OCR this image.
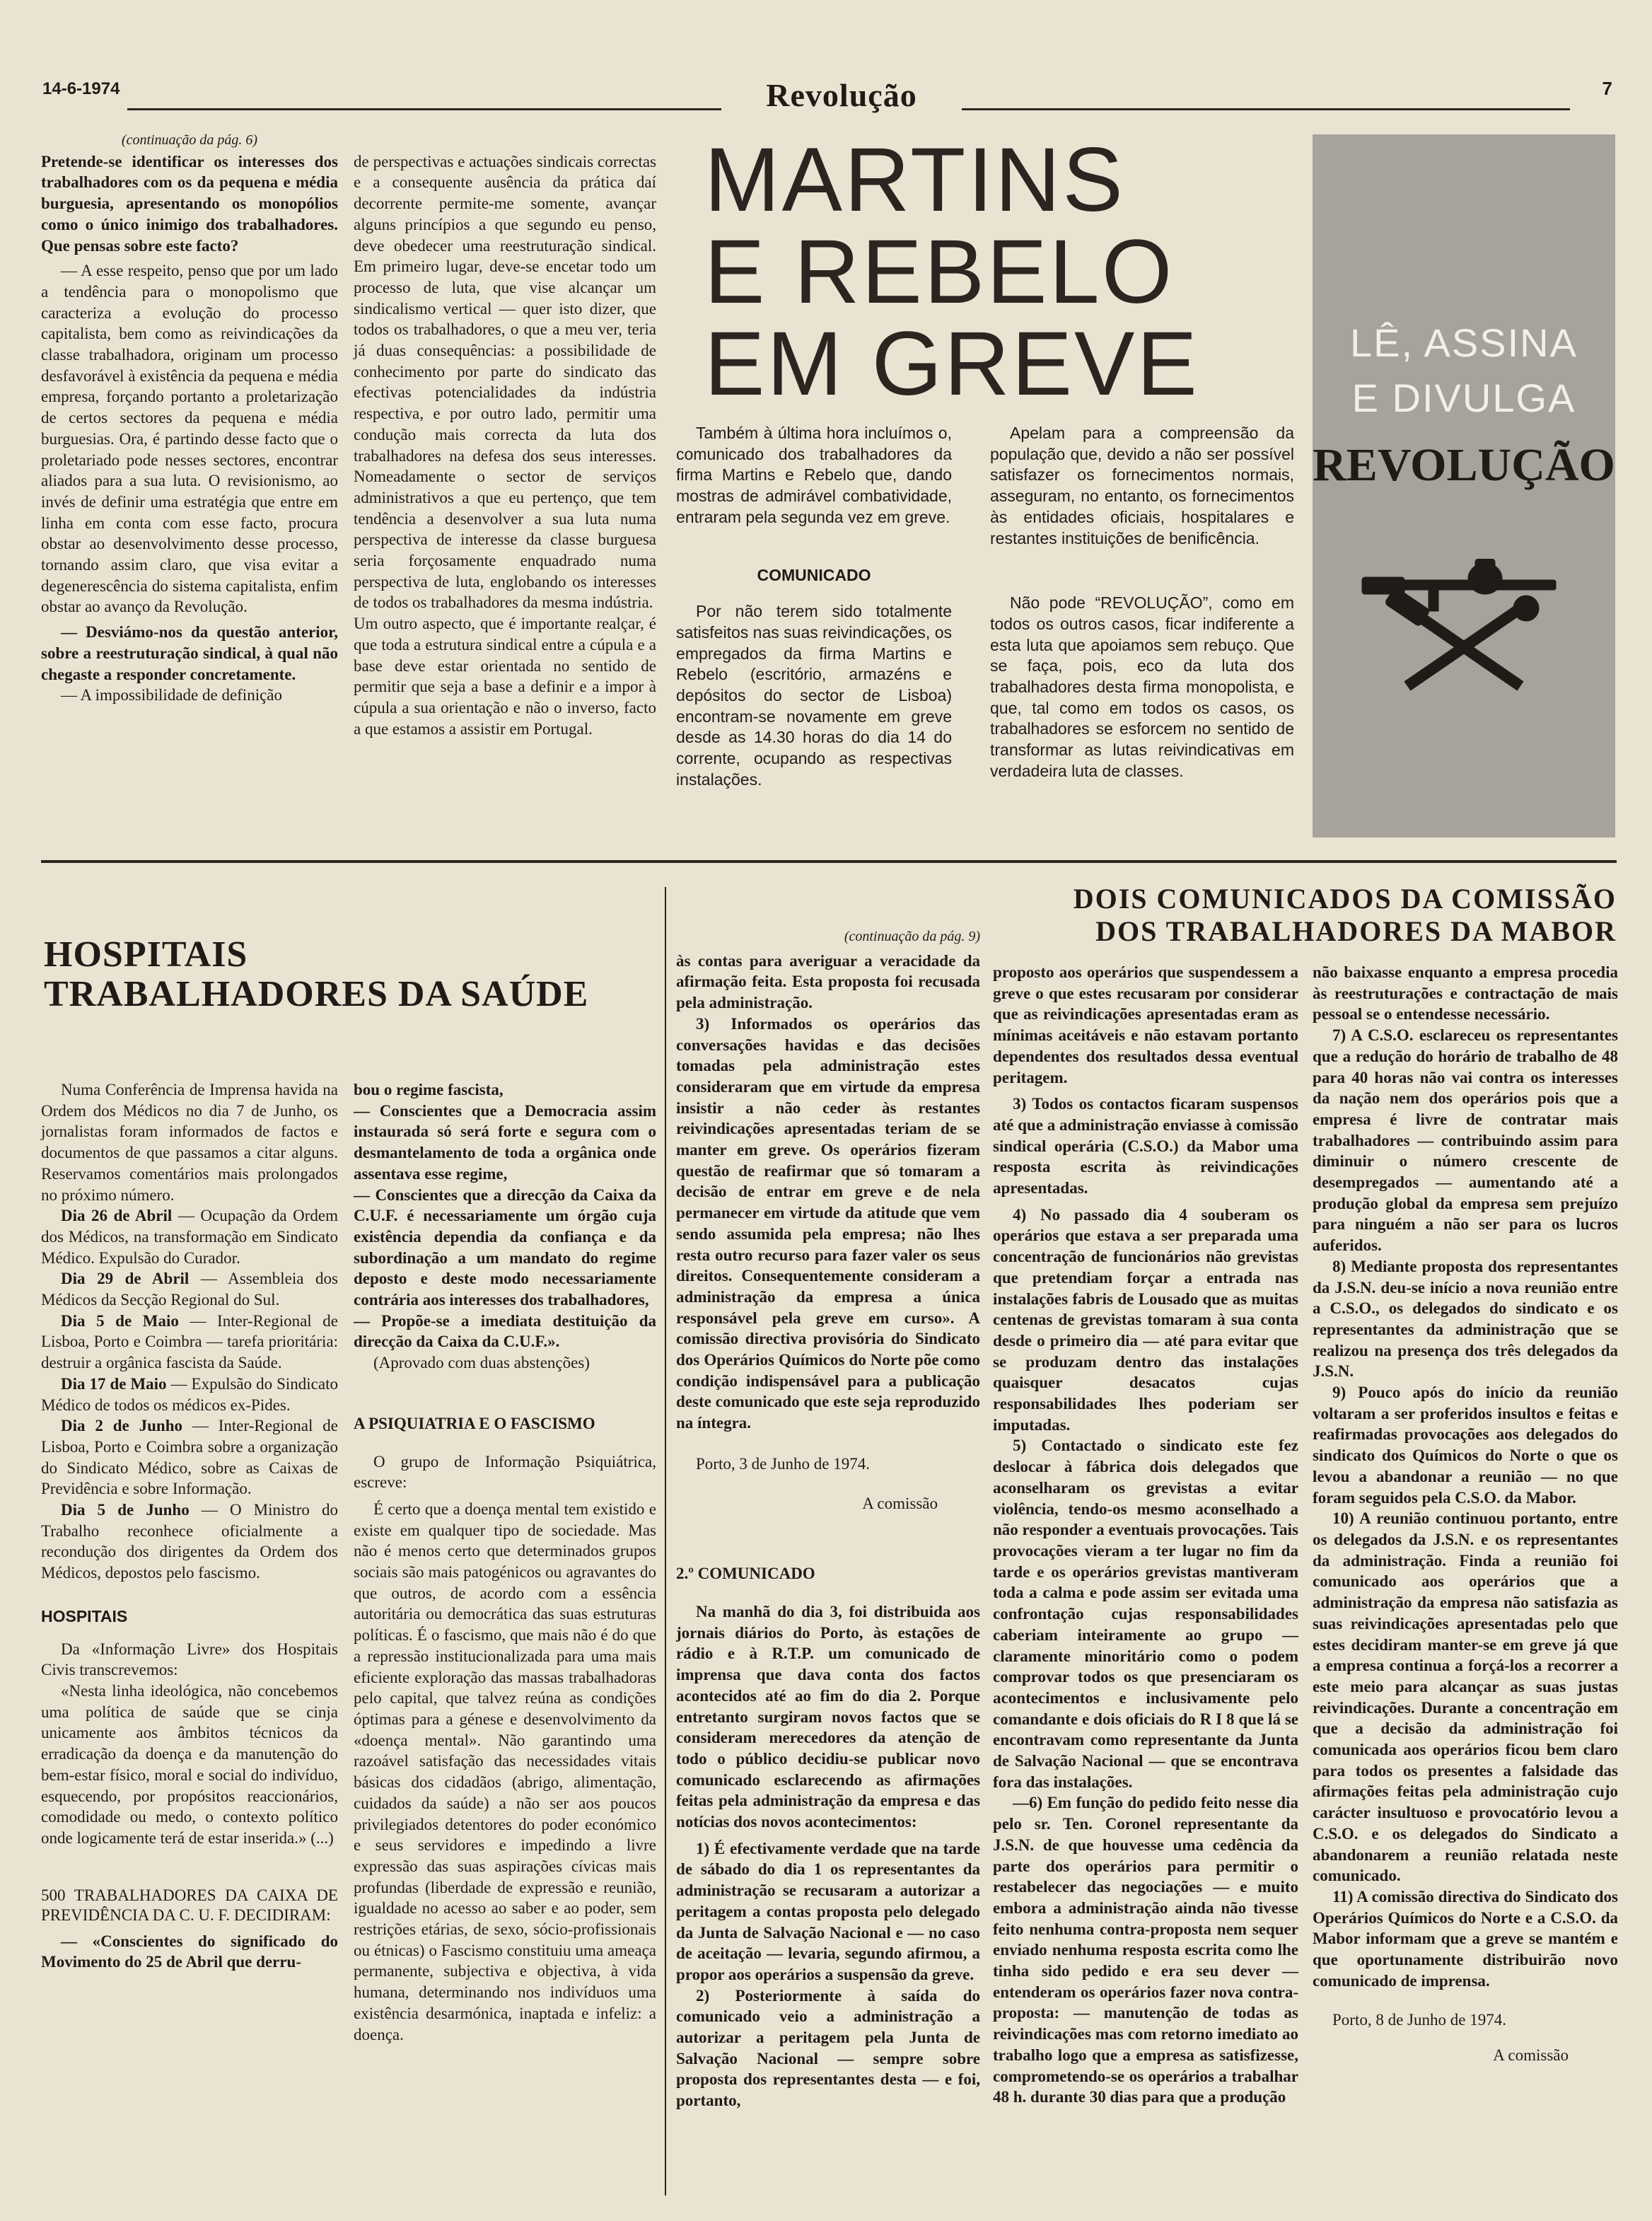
14-6-1974	Revolução	7

(continuação da pág. 6)

Pretende-se identificar os interesses dos trabalhadores com os da pequena e média burguesia, apresentando os monopólios como o único inimigo dos trabalhadores. Que pensas sobre este facto?

— A esse respeito, penso que por um lado a tendência para o monopolismo que caracteriza a evolução do processo capitalista, bem como as reivindicações da classe trabalhadora, originam um processo desfavorável à existência da pequena e média empresa, forçando portanto a proletarização de certos sectores da pequena e média burguesias. Ora, é partindo desse facto que o proletariado pode nesses sectores, encontrar aliados para a sua luta. O revisionismo, ao invés de definir uma estratégia que entre em linha em conta com esse facto, procura obstar ao desenvolvimento desse processo, tornando assim claro, que visa evitar a degenerescência do sistema capitalista, enfim obstar ao avanço da Revolução.

— Desviámo-nos da questão anterior, sobre a reestruturação sindical, à qual não chegaste a responder concretamente.

— A impossibilidade de definição

de perspectivas e actuações sindicais correctas e a consequente ausência da prática daí decorrente permite-me somente, avançar alguns princípios a que segundo eu penso, deve obedecer uma reestruturação sindical. Em primeiro lugar, deve-se encetar todo um processo de luta, que vise alcançar um sindicalismo vertical — quer isto dizer, que todos os trabalhadores, o que a meu ver, teria já duas consequências: a possibilidade de conhecimento por parte do sindicato das efectivas potencialidades da indústria respectiva, e por outro lado, permitir uma condução mais correcta da luta dos trabalhadores na defesa dos seus interesses. Nomeadamente o sector de serviços administrativos a que eu pertenço, que tem tendência a desenvolver a sua luta numa perspectiva de interesse da classe burguesa seria forçosamente enquadrado numa perspectiva de luta, englobando os interesses de todos os trabalhadores da mesma indústria.
Um outro aspecto, que é importante realçar, é que toda a estrutura sindical entre a cúpula e a base deve estar orientada no sentido de permitir que seja a base a definir e a impor à cúpula a sua orientação e não o inverso, facto a que estamos a assistir em Portugal.

MARTINS
E REBELO
EM GREVE

Também à última hora incluímos o, comunicado dos trabalhadores da firma Martins e Rebelo que, dando mostras de admirável combatividade, entraram pela segunda vez em greve.

COMUNICADO

Por não terem sido totalmente satisfeitos nas suas reivindicações, os empregados da firma Martins e Rebelo (escritório, armazéns e depósitos do sector de Lisboa) encontram-se novamente em greve desde as 14.30 horas do dia 14 do corrente, ocupando as respectivas instalações.

Apelam para a compreensão da população que, devido a não ser possível satisfazer os fornecimentos normais, asseguram, no entanto, os fornecimentos às entidades oficiais, hospitalares e restantes instituições de benificência.

Não pode “REVOLUÇÃO”, como em todos os outros casos, ficar indiferente a esta luta que apoiamos sem rebuço. Que se faça, pois, eco da luta dos trabalhadores desta firma monopolista, e que, tal como em todos os casos, os trabalhadores se esforcem no sentido de transformar as lutas reivindicativas em verdadeira luta de classes.

LÊ, ASSINA
E DIVULGA
REVOLUÇÃO
HOSPITAIS
TRABALHADORES DA SAÚDE

Numa Conferência de Imprensa havida na Ordem dos Médicos no dia 7 de Junho, os jornalistas foram informados de factos e documentos de que passamos a citar alguns. Reservamos comentários mais prolongados no próximo número.

Dia 26 de Abril — Ocupação da Ordem dos Médicos, na transformação em Sindicato Médico. Expulsão do Curador.

Dia 29 de Abril — Assembleia dos Médicos da Secção Regional do Sul.

Dia 5 de Maio — Inter-Regional de Lisboa, Porto e Coimbra — tarefa prioritária: destruir a orgânica fascista da Saúde.

Dia 17 de Maio — Expulsão do Sindicato Médico de todos os médicos ex-Pides.

Dia 2 de Junho — Inter-Regional de Lisboa, Porto e Coimbra sobre a organização do Sindicato Médico, sobre as Caixas de Previdência e sobre Informação.

Dia 5 de Junho — O Ministro do Trabalho reconhece oficialmente a recondução dos dirigentes da Ordem dos Médicos, depostos pelo fascismo.

HOSPITAIS

Da «Informação Livre» dos Hospitais Civis transcrevemos:

«Nesta linha ideológica, não concebemos uma política de saúde que se cinja unicamente aos âmbitos técnicos da erradicação da doença e da manutenção do bem-estar físico, moral e social do indivíduo, esquecendo, por propósitos reaccionários, comodidade ou medo, o contexto político onde logicamente terá de estar inserida.» (...)

500 TRABALHADORES DA CAIXA DE PREVIDÊNCIA DA C. U. F. DECIDIRAM:

— «Conscientes do significado do Movimento do 25 de Abril que derru-

bou o regime fascista,
— Conscientes que a Democracia assim instaurada só será forte e segura com o desmantelamento de toda a orgânica onde assentava esse regime,
— Conscientes que a direcção da Caixa da C.U.F. é necessariamente um órgão cuja existência dependia da confiança e da subordinação a um mandato do regime deposto e deste modo necessariamente contrária aos interesses dos trabalhadores,
— Propõe-se a imediata destituição da direcção da Caixa da C.U.F.».

(Aprovado com duas abstenções)

A PSIQUIATRIA E O FASCISMO

O grupo de Informação Psiquiátrica, escreve:

É certo que a doença mental tem existido e existe em qualquer tipo de sociedade. Mas não é menos certo que determinados grupos sociais são mais patogénicos ou agravantes do que outros, de acordo com a essência autoritária ou democrática das suas estruturas políticas. É o fascismo, que mais não é do que a repressão institucionalizada para uma mais eficiente exploração das massas trabalhadoras pelo capital, que talvez reúna as condições óptimas para a génese e desenvolvimento da «doença mental». Não garantindo uma razoável satisfação das necessidades vitais básicas dos cidadãos (abrigo, alimentação, cuidados da saúde) a não ser aos poucos privilegiados detentores do poder económico e seus servidores e impedindo a livre expressão das suas aspirações cívicas mais profundas (liberdade de expressão e reunião, igualdade no acesso ao saber e ao poder, sem restrições etárias, de sexo, sócio-profissionais ou étnicas) o Fascismo constituiu uma ameaça permanente, subjectiva e objectiva, à vida humana, determinando nos indivíduos uma existência desarmónica, inaptada e infeliz: a doença.

DOIS COMUNICADOS DA COMISSÃO
DOS TRABALHADORES DA MABOR

(continuação da pág. 9)

às contas para averiguar a veracidade da afirmação feita. Esta proposta foi recusada pela administração.

3) Informados os operários das conversações havidas e das decisões tomadas pela administração estes consideraram que em virtude da empresa insistir a não ceder às restantes reivindicações apresentadas teriam de se manter em greve. Os operários fizeram questão de reafirmar que só tomaram a decisão de entrar em greve e de nela permanecer em virtude da atitude que vem sendo assumida pela empresa; não lhes resta outro recurso para fazer valer os seus direitos. Consequentemente consideram a administração da empresa a única responsável pela greve em curso». A comissão directiva provisória do Sindicato dos Operários Químicos do Norte põe como condição indispensável para a publicação deste comunicado que este seja reproduzido na íntegra.

Porto, 3 de Junho de 1974.

A comissão

2.º COMUNICADO

Na manhã do dia 3, foi distribuida aos jornais diários do Porto, às estações de rádio e à R.T.P. um comunicado de imprensa que dava conta dos factos acontecidos até ao fim do dia 2. Porque entretanto surgiram novos factos que se consideram merecedores da atenção de todo o público decidiu-se publicar novo comunicado esclarecendo as afirmações feitas pela administração da empresa e das notícias dos novos acontecimentos:

1) É efectivamente verdade que na tarde de sábado do dia 1 os representantes da administração se recusaram a autorizar a peritagem a contas proposta pelo delegado da Junta de Salvação Nacional e — no caso de aceitação — levaria, segundo afirmou, a propor aos operários a suspensão da greve.

2) Posteriormente à saída do comunicado veio a administração a autorizar a peritagem pela Junta de Salvação Nacional — sempre sobre proposta dos representantes desta — e foi, portanto,

proposto aos operários que suspendessem a greve o que estes recusaram por considerar que as reivindicações apresentadas eram as mínimas aceitáveis e não estavam portanto dependentes dos resultados dessa eventual peritagem.

3) Todos os contactos ficaram suspensos até que a administração enviasse à comissão sindical operária (C.S.O.) da Mabor uma resposta escrita às reivindicações apresentadas.

4) No passado dia 4 souberam os operários que estava a ser preparada uma concentração de funcionários não grevistas que pretendiam forçar a entrada nas instalações fabris de Lousado que as muitas centenas de grevistas tomaram à sua conta desde o primeiro dia — até para evitar que se produzam dentro das instalações quaisquer desacatos cujas responsabilidades lhes poderiam ser imputadas.

5) Contactado o sindicato este fez deslocar à fábrica dois delegados que aconselharam os grevistas a evitar violência, tendo-os mesmo aconselhado a não responder a eventuais provocações. Tais provocações vieram a ter lugar no fim da tarde e os operários grevistas mantiveram toda a calma e pode assim ser evitada uma confrontação cujas responsabilidades caberiam inteiramente ao grupo — claramente minoritário como o podem comprovar todos os que presenciaram os acontecimentos e inclusivamente pelo comandante e dois oficiais do R I 8 que lá se encontravam como representante da Junta de Salvação Nacional — que se encontrava fora das instalações.

—6) Em função do pedido feito nesse dia pelo sr. Ten. Coronel representante da J.S.N. de que houvesse uma cedência da parte dos operários para permitir o restabelecer das negociações — e muito embora a administração ainda não tivesse feito nenhuma contra-proposta nem sequer enviado nenhuma resposta escrita como lhe tinha sido pedido e era seu dever — entenderam os operários fazer nova contra-proposta: — manutenção de todas as reivindicações mas com retorno imediato ao trabalho logo que a empresa as satisfizesse, comprometendo-se os operários a trabalhar 48 h. durante 30 dias para que a produção

não baixasse enquanto a empresa procedia às reestruturações e contractação de mais pessoal se o entendesse necessário.

7) A C.S.O. esclareceu os representantes que a redução do horário de trabalho de 48 para 40 horas não vai contra os interesses da nação nem dos operários pois que a empresa é livre de contratar mais trabalhadores — contribuindo assim para diminuir o número crescente de desempregados — aumentando até a produção global da empresa sem prejuízo para ninguém a não ser para os lucros auferidos.

8) Mediante proposta dos representantes da J.S.N. deu-se início a nova reunião entre a C.S.O., os delegados do sindicato e os representantes da administração que se realizou na presença dos três delegados da J.S.N.

9) Pouco após do início da reunião voltaram a ser proferidos insultos e feitas e reafirmadas provocações aos delegados do sindicato dos Químicos do Norte o que os levou a abandonar a reunião — no que foram seguidos pela C.S.O. da Mabor.

10) A reunião continuou portanto, entre os delegados da J.S.N. e os representantes da administração. Finda a reunião foi comunicado aos operários que a administração da empresa não satisfazia as suas reivindicações apresentadas pelo que estes decidiram manter-se em greve já que a empresa continua a forçá-los a recorrer a este meio para alcançar as suas justas reivindicações. Durante a concentração em que a decisão da administração foi comunicada aos operários ficou bem claro para todos os presentes a falsidade das afirmações feitas pela administração cujo carácter insultuoso e provocatório levou a C.S.O. e os delegados do Sindicato a abandonarem a reunião relatada neste comunicado.

11) A comissão directiva do Sindicato dos Operários Químicos do Norte e a C.S.O. da Mabor informam que a greve se mantém e que oportunamente distribuirão novo comunicado de imprensa.

Porto, 8 de Junho de 1974.

A comissão
